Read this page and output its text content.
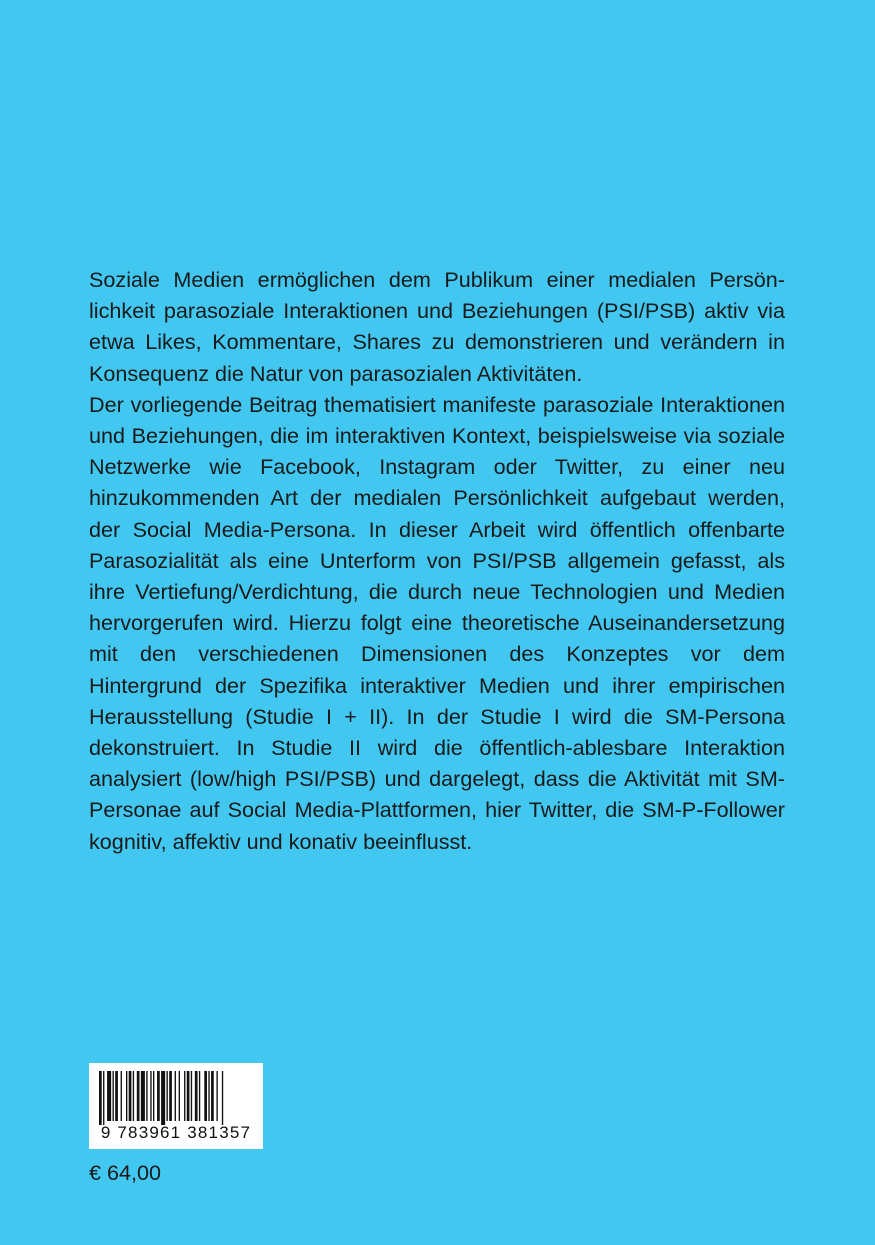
Soziale Medien ermöglichen dem Publikum einer medialen Persönlichkeit parasoziale Interaktionen und Beziehungen (PSI/PSB) aktiv via etwa Likes, Kommentare, Shares zu demonstrieren und verändern in Konsequenz die Natur von parasozialen Aktivitäten.

Der vorliegende Beitrag thematisiert manifeste parasoziale Interaktionen und Beziehungen, die im interaktiven Kontext, beispielsweise via soziale Netzwerke wie Facebook, Instagram oder Twitter, zu einer neu hinzukommenden Art der medialen Persönlichkeit aufgebaut werden, der Social Media-Persona. In dieser Arbeit wird öffentlich offenbarte Parasozialität als eine Unterform von PSI/PSB allgemein gefasst, als ihre Vertiefung/Verdichtung, die durch neue Technologien und Medien hervorgerufen wird. Hierzu folgt eine theoretische Auseinandersetzung mit den verschiedenen Dimensionen des Konzeptes vor dem Hintergrund der Spezifika interaktiver Medien und ihrer empirischen Herausstellung (Studie I + II). In der Studie I wird die SM-Persona dekonstruiert. In Studie II wird die öffentlich-ablesbare Interaktion analysiert (low/high PSI/PSB) und dargelegt, dass die Aktivität mit SM-Personae auf Social Media-​Plattformen, hier Twitter, die SM-P-Follower kognitiv, affektiv und konativ beeinflusst.

9 783961 381357
€ 64,00
